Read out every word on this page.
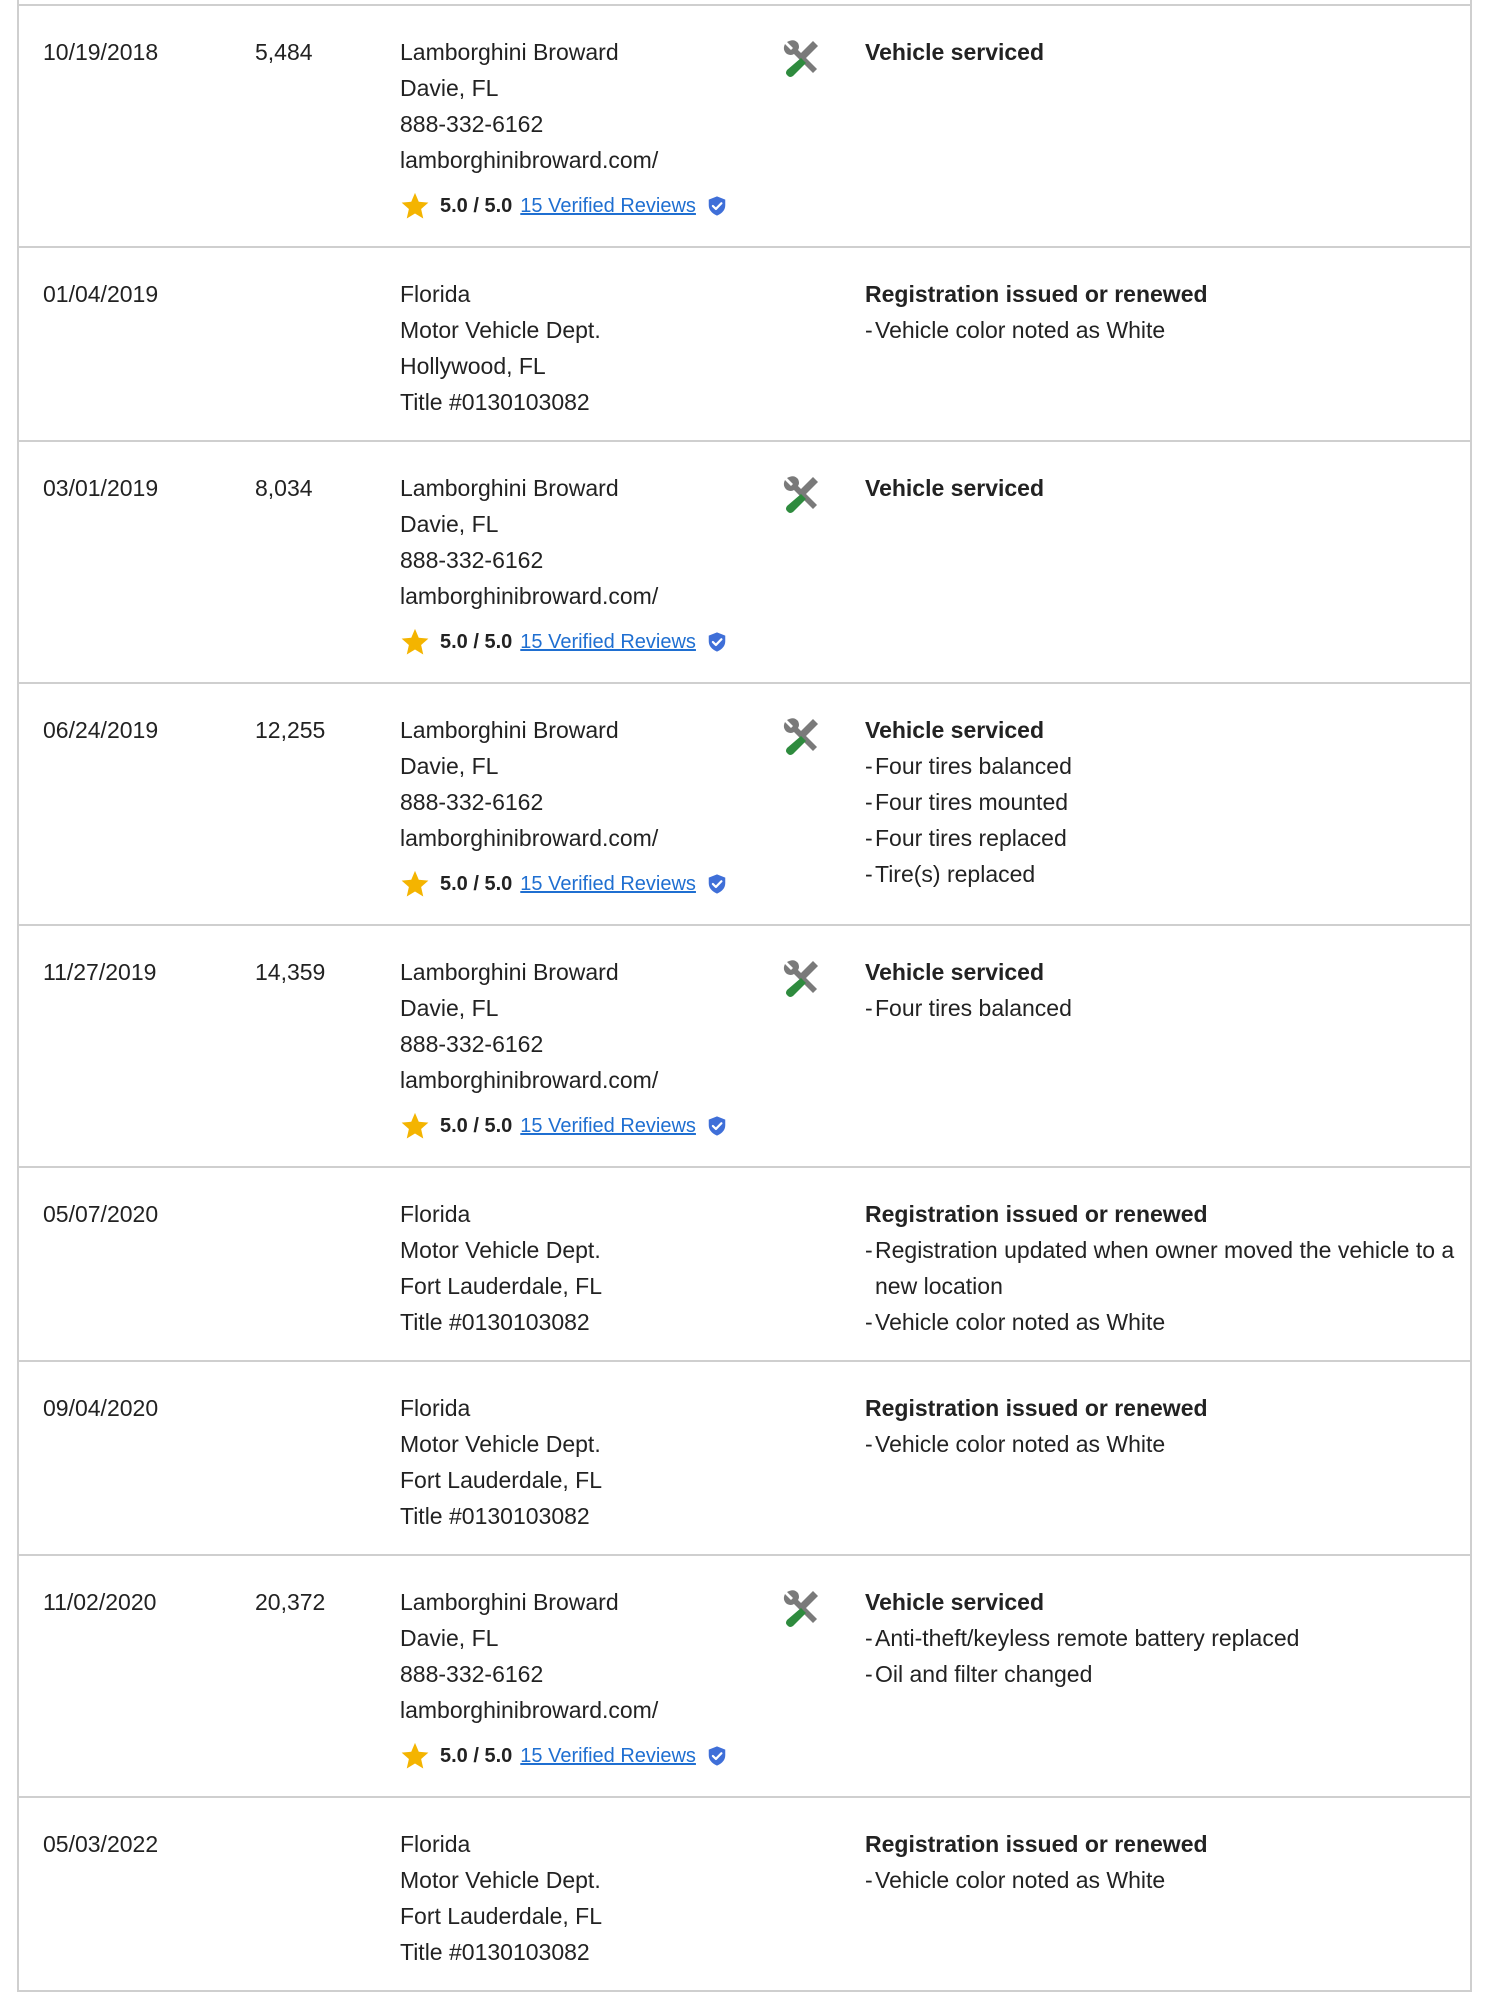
10/19/2018	5,484	Lamborghini Broward
Davie, FL
888-332-6162
lamborghinibroward.com/
5.0 / 5.0 15 Verified Reviews
Vehicle serviced
01/04/2019	Florida
Motor Vehicle Dept.
Hollywood, FL
Title #0130103082
Registration issued or renewed
- Vehicle color noted as White
03/01/2019	8,034	Lamborghini Broward
Davie, FL
888-332-6162
lamborghinibroward.com/
5.0 / 5.0 15 Verified Reviews
Vehicle serviced
06/24/2019	12,255	Lamborghini Broward
Davie, FL
888-332-6162
lamborghinibroward.com/
5.0 / 5.0 15 Verified Reviews
Vehicle serviced
- Four tires balanced
- Four tires mounted
- Four tires replaced
- Tire(s) replaced
11/27/2019	14,359	Lamborghini Broward
Davie, FL
888-332-6162
lamborghinibroward.com/
5.0 / 5.0 15 Verified Reviews
Vehicle serviced
- Four tires balanced
05/07/2020	Florida
Motor Vehicle Dept.
Fort Lauderdale, FL
Title #0130103082
Registration issued or renewed
- Registration updated when owner moved the vehicle to a new location
- Vehicle color noted as White
09/04/2020	Florida
Motor Vehicle Dept.
Fort Lauderdale, FL
Title #0130103082
Registration issued or renewed
- Vehicle color noted as White
11/02/2020	20,372	Lamborghini Broward
Davie, FL
888-332-6162
lamborghinibroward.com/
5.0 / 5.0 15 Verified Reviews
Vehicle serviced
- Anti-theft/keyless remote battery replaced
- Oil and filter changed
05/03/2022	Florida
Motor Vehicle Dept.
Fort Lauderdale, FL
Title #0130103082
Registration issued or renewed
- Vehicle color noted as White
